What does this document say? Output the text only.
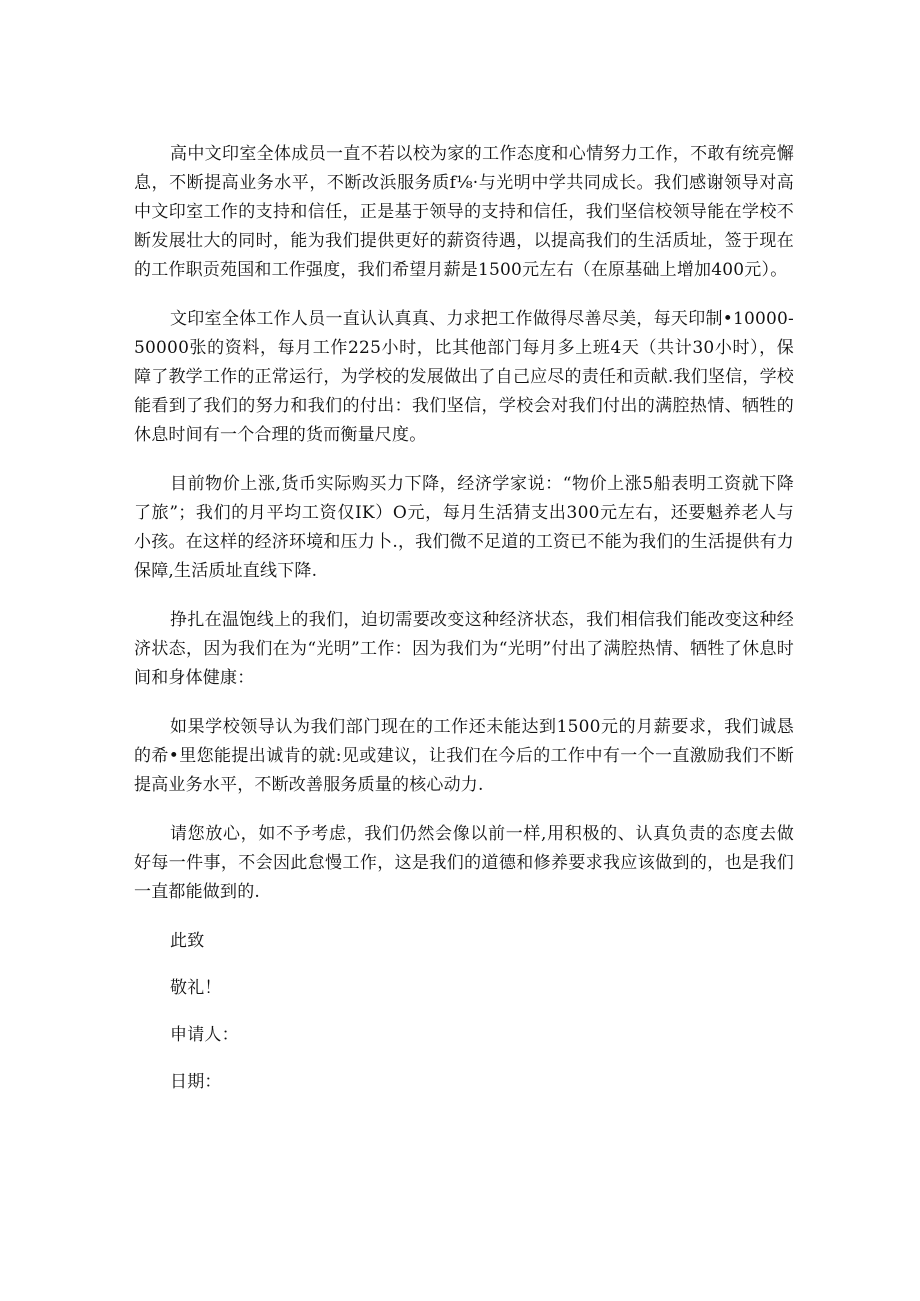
高中文印室全体成员一直不若以校为家的工作态度和心情努力工作，不敢有统亮懈息，不断提高业务水平，不断改浜服务质f⅛·与光明中学共同成长。我们感谢领导对高中文印室工作的支持和信任，正是基于领导的支持和信任，我们坚信校领导能在学校不断发展壮大的同时，能为我们提供更好的薪资待遇，以提高我们的生活质址，签于现在的工作职贡苑国和工作强度，我们希望月薪是1500元左右（在原基础上增加400元）。

文印室全体工作人员一直认认真真、力求把工作做得尽善尽美，每天印制•10000-50000张的资料，每月工作225小时，比其他部门每月多上班4天（共计30小时），保障了教学工作的正常运行，为学校的发展做出了自己应尽的责任和贡献.我们坚信，学校能看到了我们的努力和我们的付出：我们坚信，学校会对我们付出的满腔热情、牺牲的休息时间有一个合理的货而衡量尺度。

目前物价上涨,货币实际购买力下降，经济学家说：“物价上涨5船表明工资就下降了旅”；我们的月平均工资仅IK）O元，每月生活猜支出300元左右，还要魁养老人与小孩。在这样的经济环境和压力卜.，我们微不足道的工资已不能为我们的生活提供有力保障,生活质址直线下降.

挣扎在温饱线上的我们，迫切需要改变这种经济状态，我们相信我们能改变这种经济状态，因为我们在为“光明”工作：因为我们为“光明”付出了满腔热情、牺牲了休息时间和身体健康：

如果学校领导认为我们部门现在的工作还未能达到1500元的月薪要求，我们诚恳的希•里您能提出诚肯的就:见或建议，让我们在今后的工作中有一个一直激励我们不断提高业务水平，不断改善服务质量的核心动力.

请您放心，如不予考虑，我们仍然会像以前一样,用积极的、认真负责的态度去做好每一件事，不会因此怠慢工作，这是我们的道德和修养要求我应该做到的，也是我们一直都能做到的.

此致

敬礼！

申请人：

日期：
